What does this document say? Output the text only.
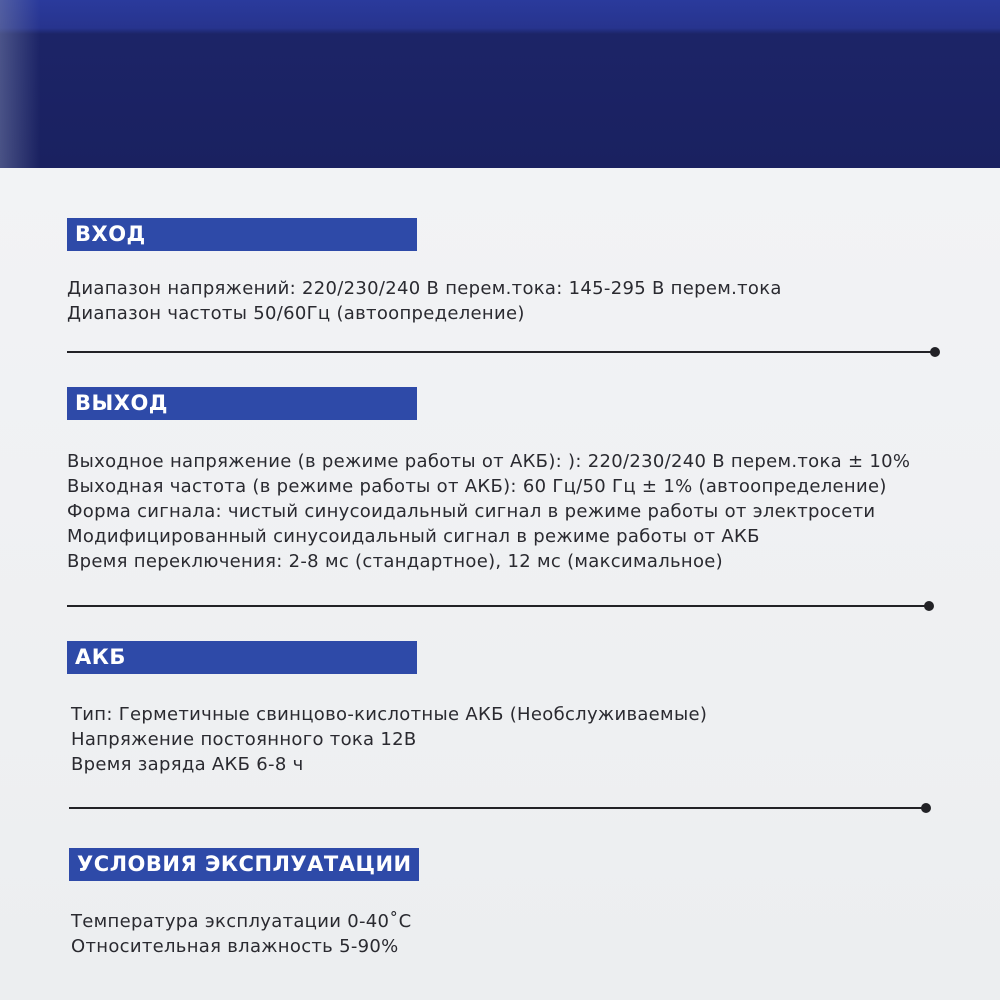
ВХОД
Диапазон напряжений: 220/230/240 В перем.тока: 145-295 В перем.тока
Диапазон частоты 50/60Гц (автоопределение)
ВЫХОД
Выходное напряжение (в режиме работы от АКБ): ): 220/230/240 В перем.тока ± 10%
Выходная частота (в режиме работы от АКБ): 60 Гц/50 Гц ± 1% (автоопределение)
Форма сигнала: чистый синусоидальный сигнал в режиме работы от электросети
Модифицированный синусоидальный сигнал в режиме работы от АКБ
Время переключения: 2-8 мс (стандартное), 12 мс (максимальное)
АКБ
Тип: Герметичные свинцово-кислотные АКБ (Необслуживаемые)
Напряжение постоянного тока 12В
Время заряда АКБ 6-8 ч
УСЛОВИЯ ЭКСПЛУАТАЦИИ
Температура эксплуатации 0-40˚С
Относительная влажность 5-90%
